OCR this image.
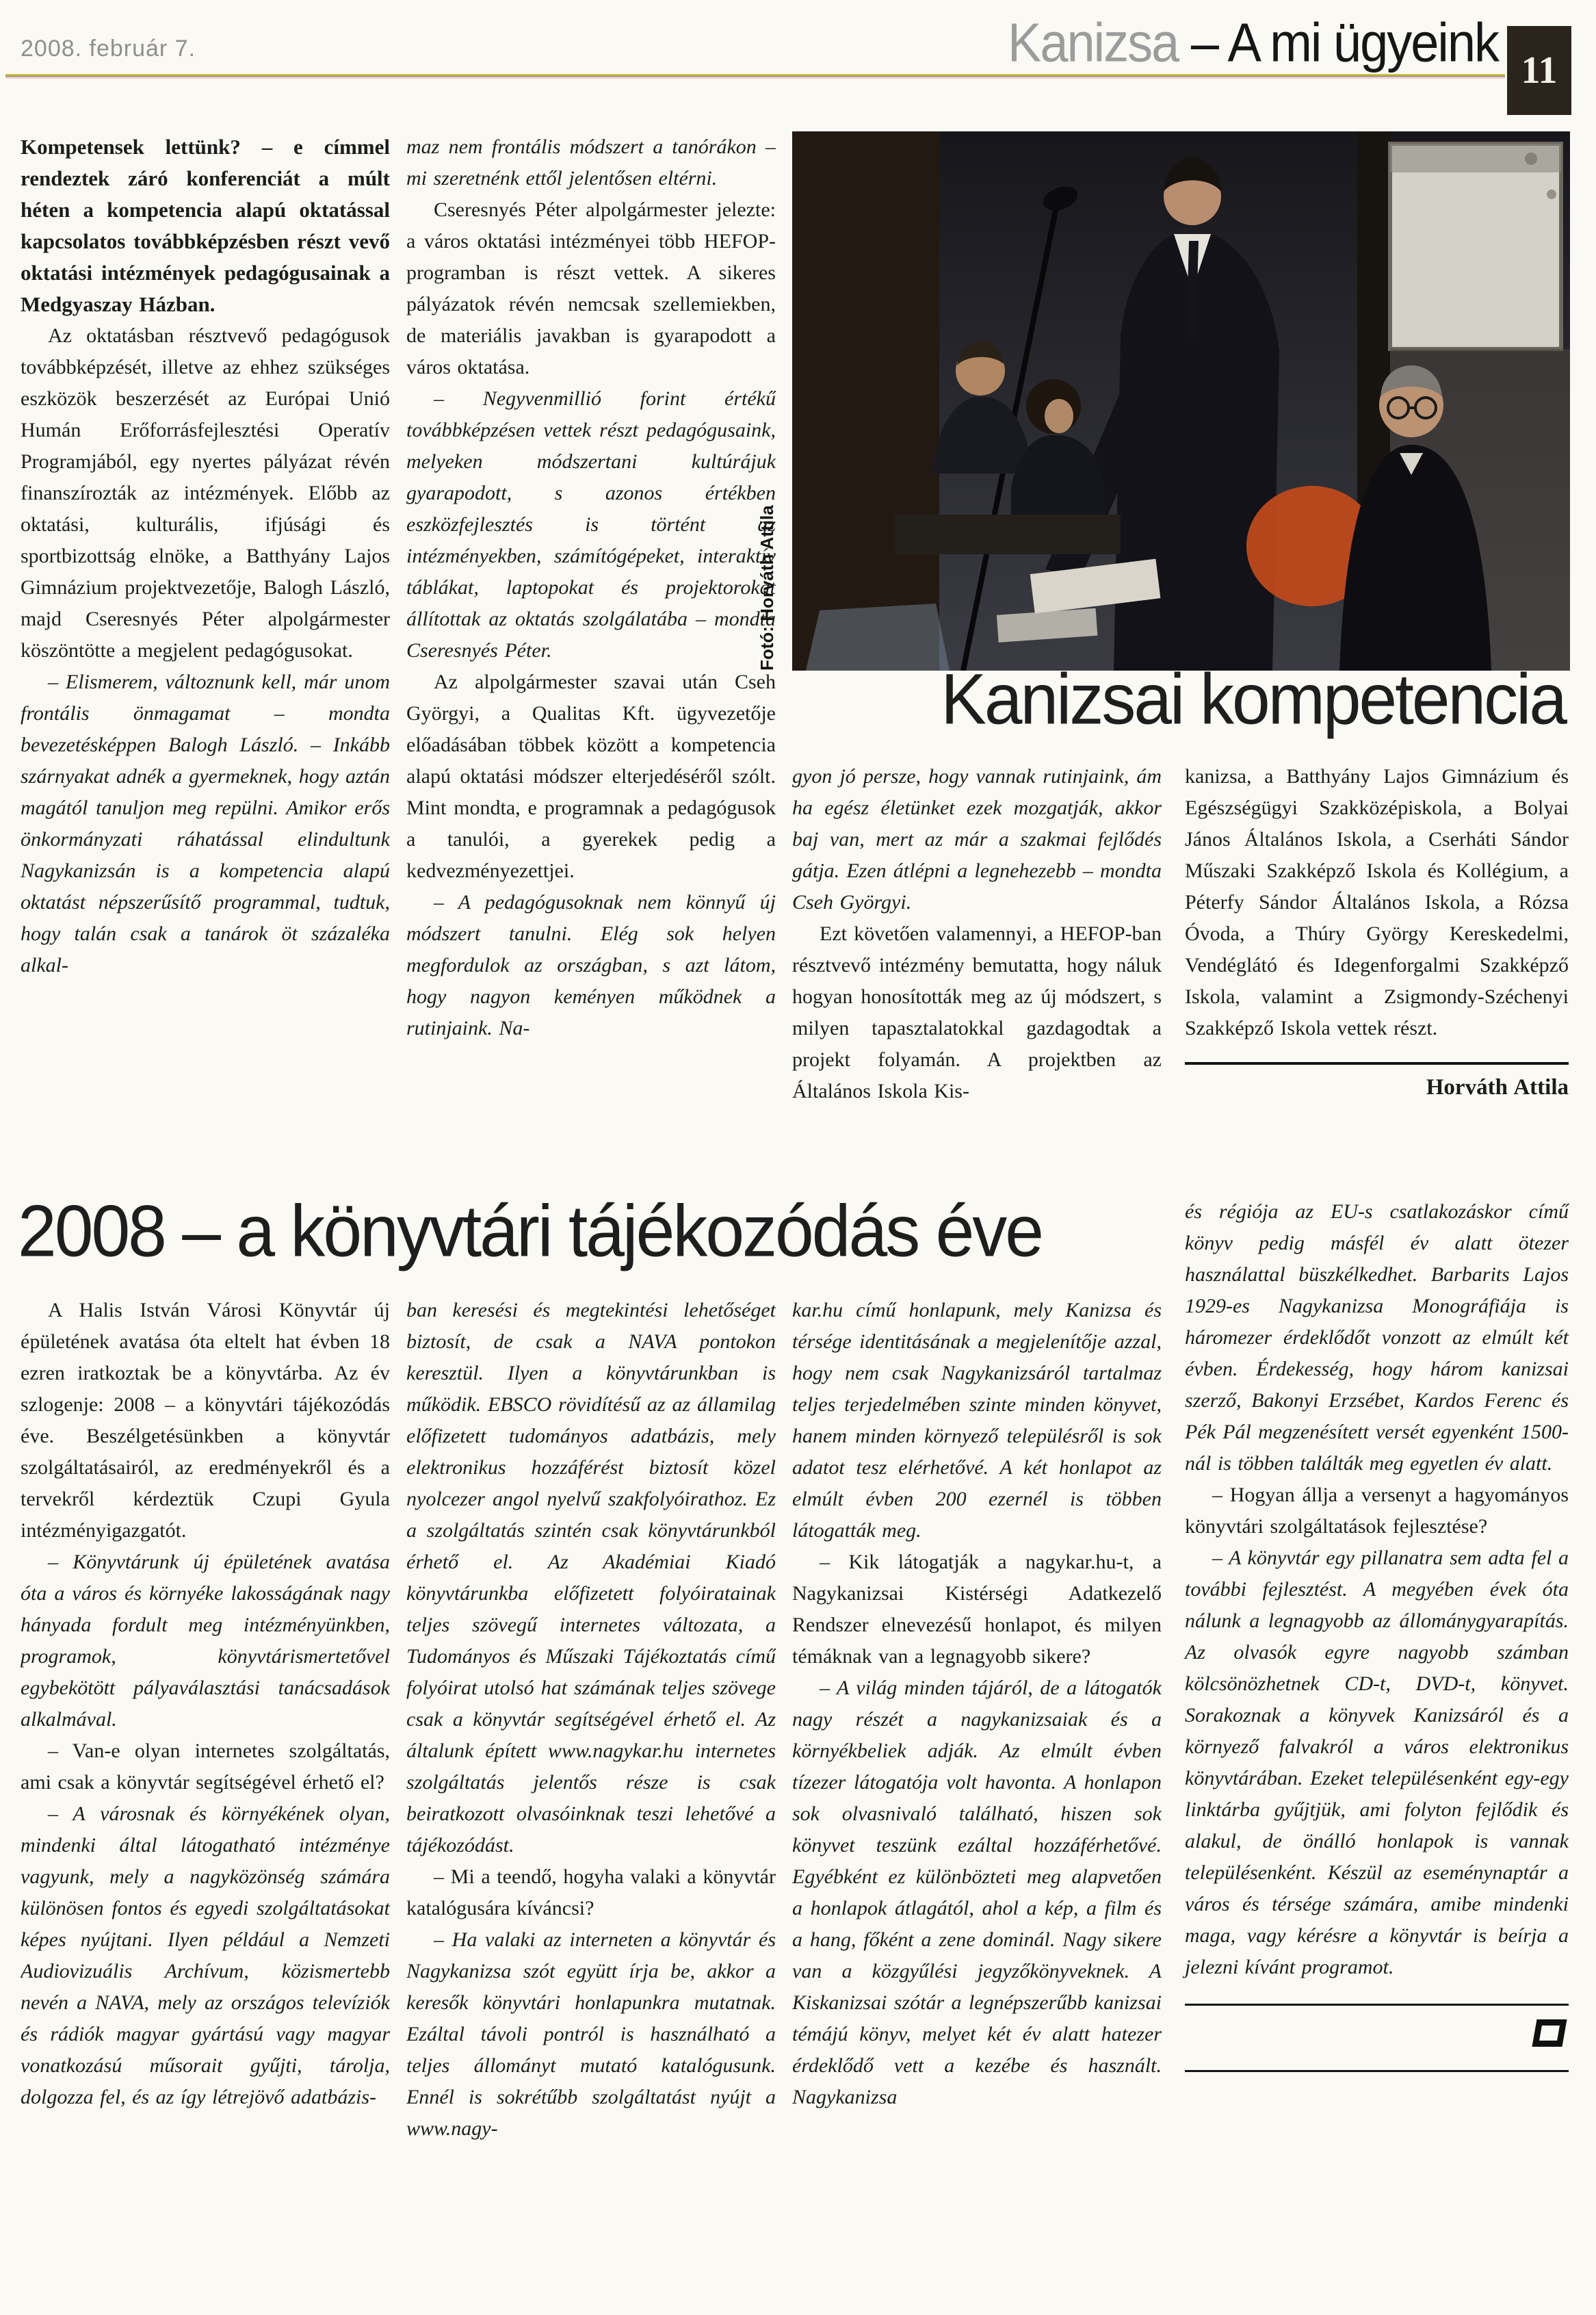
2008. február 7.	Kanizsa – A mi ügyeink 11

Kompetensek lettünk? – e címmel rendeztek záró konferenciát a múlt héten a kompetencia alapú oktatással kapcsolatos továbbképzésben részt vevő oktatási intézmények pedagógusainak a Medgyaszay Házban.

Az oktatásban résztvevő pedagógusok továbbképzését, illetve az ehhez szükséges eszközök beszerzését az Európai Unió Humán Erőforrásfejlesztési Operatív Programjából, egy nyertes pályázat révén finanszírozták az intézmények. Előbb az oktatási, kulturális, ifjúsági és sportbizottság elnöke, a Batthyány Lajos Gimnázium projektvezetője, Balogh László, majd Cseresnyés Péter alpolgármester köszöntötte a megjelent pedagógusokat.

– Elismerem, változnunk kell, már unom frontális önmagamat – mondta bevezetésképpen Balogh László. – Inkább szárnyakat adnék a gyermeknek, hogy aztán magától tanuljon meg repülni. Amikor erős önkormányzati ráhatással elindultunk Nagykanizsán is a kompetencia alapú oktatást népszerűsítő programmal, tudtuk, hogy talán csak a tanárok öt százaléka alkal-

maz nem frontális módszert a tanórákon – mi szeretnénk ettől jelentősen eltérni.

Cseresnyés Péter alpolgármester jelezte: a város oktatási intézményei több HEFOP-programban is részt vettek. A sikeres pályázatok révén nemcsak szellemiekben, de materiális javakban is gyarapodott a város oktatása.

– Negyvenmillió forint értékű továbbképzésen vettek részt pedagógusaink, melyeken módszertani kultúrájuk gyarapodott, s azonos értékben eszközfejlesztés is történt az intézményekben, számítógépeket, interaktív táblákat, laptopokat és projektorokat állítottak az oktatás szolgálatába – mondta Cseresnyés Péter.

Az alpolgármester szavai után Cseh Györgyi, a Qualitas Kft. ügyvezetője előadásában többek között a kompetencia alapú oktatási módszer elterjedéséről szólt. Mint mondta, e programnak a pedagógusok a tanulói, a gyerekek pedig a kedvezményezettjei.

– A pedagógusoknak nem könnyű új módszert tanulni. Elég sok helyen megfordulok az országban, s azt látom, hogy nagyon keményen működnek a rutinjaink. Na-

Fotó: Horváth Attila
Kanizsai kompetencia

gyon jó persze, hogy vannak rutinjaink, ám ha egész életünket ezek mozgatják, akkor baj van, mert az már a szakmai fejlődés gátja. Ezen átlépni a legnehezebb – mondta Cseh Györgyi.

Ezt követően valamennyi, a HEFOP-ban résztvevő intézmény bemutatta, hogy náluk hogyan honosították meg az új módszert, s milyen tapasztalatokkal gazdagodtak a projekt folyamán. A projektben az Általános Iskola Kis-

kanizsa, a Batthyány Lajos Gimnázium és Egészségügyi Szakközépiskola, a Bolyai János Általános Iskola, a Cserháti Sándor Műszaki Szakképző Iskola és Kollégium, a Péterfy Sándor Általános Iskola, a Rózsa Óvoda, a Thúry György Kereskedelmi, Vendéglátó és Idegenforgalmi Szakképző Iskola, valamint a Zsigmondy-Széchenyi Szakképző Iskola vettek részt.

Horváth Attila

2008 – a könyvtári tájékozódás éve

A Halis István Városi Könyvtár új épületének avatása óta eltelt hat évben 18 ezren iratkoztak be a könyvtárba. Az év szlogenje: 2008 – a könyvtári tájékozódás éve. Beszélgetésünkben a könyvtár szolgáltatásairól, az eredményekről és a tervekről kérdeztük Czupi Gyula intézményigazgatót.

– Könyvtárunk új épületének avatása óta a város és környéke lakosságának nagy hányada fordult meg intézményünkben, programok, könyvtárismertetővel egybekötött pályaválasztási tanácsadások alkalmával.

– Van-e olyan internetes szolgáltatás, ami csak a könyvtár segítségével érhető el?

– A városnak és környékének olyan, mindenki által látogatható intézménye vagyunk, mely a nagyközönség számára különösen fontos és egyedi szolgáltatásokat képes nyújtani. Ilyen például a Nemzeti Audiovizuális Archívum, közismertebb nevén a NAVA, mely az országos televíziók és rádiók magyar gyártású vagy magyar vonatkozású műsorait gyűjti, tárolja, dolgozza fel, és az így létrejövő adatbázis-

ban keresési és megtekintési lehetőséget biztosít, de csak a NAVA pontokon keresztül. Ilyen a könyvtárunkban is működik. EBSCO rövidítésű az az államilag előfizetett tudományos adatbázis, mely elektronikus hozzáférést biztosít közel nyolcezer angol nyelvű szakfolyóirathoz. Ez a szolgáltatás szintén csak könyvtárunkból érhető el. Az Akadémiai Kiadó könyvtárunkba előfizetett folyóiratainak teljes szövegű internetes változata, a Tudományos és Műszaki Tájékoztatás című folyóirat utolsó hat számának teljes szövege csak a könyvtár segítségével érhető el. Az általunk épített www.nagykar.hu internetes szolgáltatás jelentős része is csak beiratkozott olvasóinknak teszi lehetővé a tájékozódást.

– Mi a teendő, hogyha valaki a könyvtár katalógusára kíváncsi?

– Ha valaki az interneten a könyvtár és Nagykanizsa szót együtt írja be, akkor a keresők könyvtári honlapunkra mutatnak. Ezáltal távoli pontról is használható a teljes állományt mutató katalógusunk. Ennél is sokrétűbb szolgáltatást nyújt a www.nagy-

kar.hu című honlapunk, mely Kanizsa és térsége identitásának a megjelenítője azzal, hogy nem csak Nagykanizsáról tartalmaz teljes terjedelmében szinte minden könyvet, hanem minden környező településről is sok adatot tesz elérhetővé. A két honlapot az elmúlt évben 200 ezernél is többen látogatták meg.

– Kik látogatják a nagykar.hu-t, a Nagykanizsai Kistérségi Adatkezelő Rendszer elnevezésű honlapot, és milyen témáknak van a legnagyobb sikere?

– A világ minden tájáról, de a látogatók nagy részét a nagykanizsaiak és a környékbeliek adják. Az elmúlt évben tízezer látogatója volt havonta. A honlapon sok olvasnivaló található, hiszen sok könyvet teszünk ezáltal hozzáférhetővé. Egyébként ez különbözteti meg alapvetően a honlapok átlagától, ahol a kép, a film és a hang, főként a zene dominál. Nagy sikere van a közgyűlési jegyzőkönyveknek. A Kiskanizsai szótár a legnépszerűbb kanizsai témájú könyv, melyet két év alatt hatezer érdeklődő vett a kezébe és használt. Nagykanizsa

és régiója az EU-s csatlakozáskor című könyv pedig másfél év alatt ötezer használattal büszkélkedhet. Barbarits Lajos 1929-es Nagykanizsa Monográfiája is háromezer érdeklődőt vonzott az elmúlt két évben. Érdekesség, hogy három kanizsai szerző, Bakonyi Erzsébet, Kardos Ferenc és Pék Pál megzenésített versét egyenként 1500-nál is többen találták meg egyetlen év alatt.

– Hogyan állja a versenyt a hagyományos könyvtári szolgáltatások fejlesztése?

– A könyvtár egy pillanatra sem adta fel a további fejlesztést. A megyében évek óta nálunk a legnagyobb az állománygyarapítás. Az olvasók egyre nagyobb számban kölcsönözhetnek CD-t, DVD-t, könyvet. Sorakoznak a könyvek Kanizsáról és a környező falvakról a város elektronikus könyvtárában. Ezeket településenként egy-egy linktárba gyűjtjük, ami folyton fejlődik és alakul, de önálló honlapok is vannak településenként. Készül az eseménynaptár a város és térsége számára, amibe mindenki maga, vagy kérésre a könyvtár is beírja a jelezni kívánt programot.
